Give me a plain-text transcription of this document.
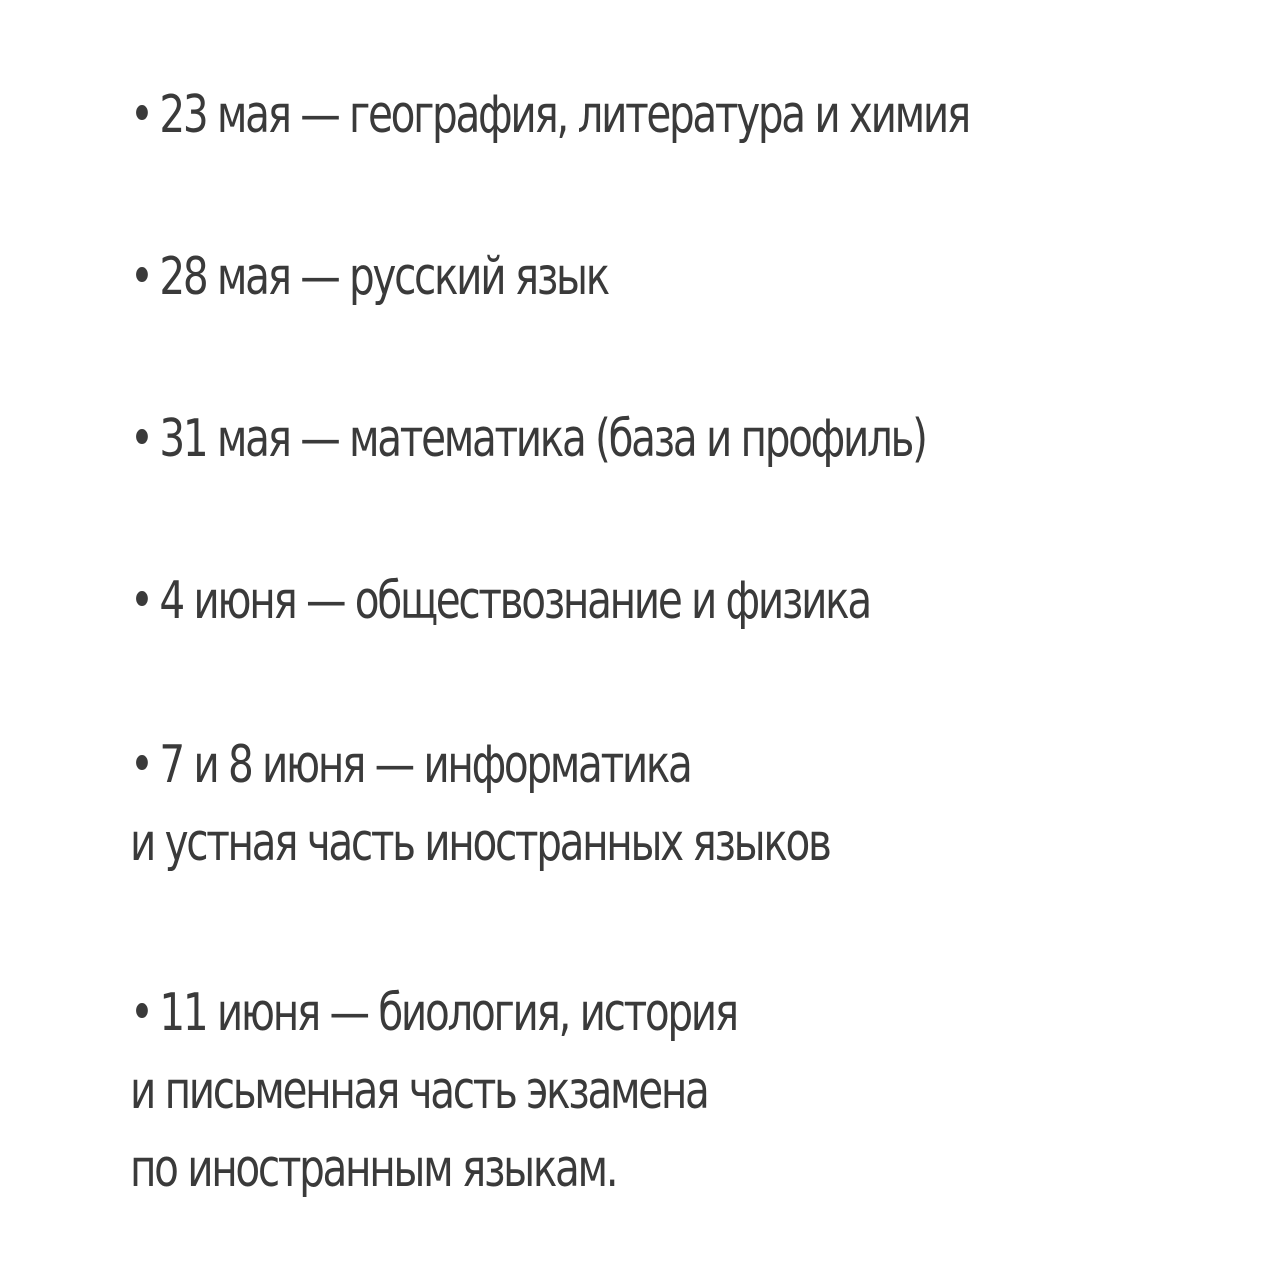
• 23 мая — география, литература и химия
• 28 мая — русский язык
• 31 мая — математика (база и профиль)
• 4 июня — обществознание и физика
• 7 и 8 июня — информатика
и устная часть иностранных языков
• 11 июня — биология, история
и письменная часть экзамена
по иностранным языкам.
